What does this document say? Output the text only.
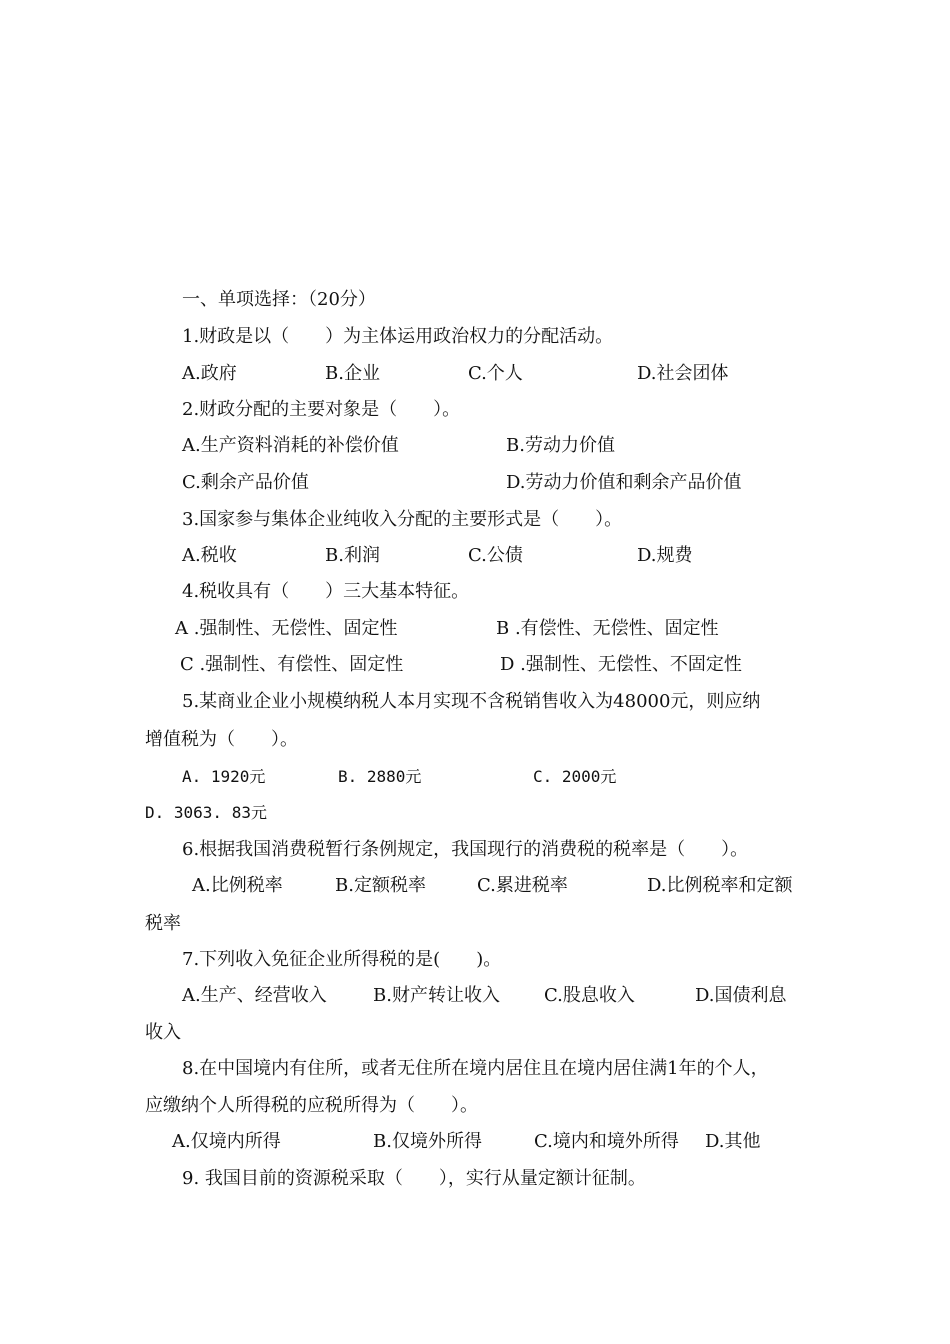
一、单项选择：（20分）
1.财政是以（　　）为主体运用政治权力的分配活动。
A.政府	B.企业	C.个人	D.社会团体
2.财政分配的主要对象是（　　）。
A.生产资料消耗的补偿价值	B.劳动力价值
C.剩余产品价值	D.劳动力价值和剩余产品价值
3.国家参与集体企业纯收入分配的主要形式是（　　）。
A.税收	B.利润	C.公债	D.规费
4.税收具有（　　）三大基本特征。
A .强制性、无偿性、固定性	B .有偿性、无偿性、固定性
C .强制性、有偿性、固定性	D .强制性、无偿性、不固定性
5.某商业企业小规模纳税人本月实现不含税销售收入为48000元，则应纳
增值税为（　　）。
A. 1920元	B. 2880元	C. 2000元
D. 3063. 83元
6.根据我国消费税暂行条例规定，我国现行的消费税的税率是（　　）。
A.比例税率	B.定额税率	C.累进税率	D.比例税率和定额
税率
7.下列收入免征企业所得税的是(　　)。
A.生产、经营收入	B.财产转让收入 C.股息收入	D.国债利息
收入
8.在中国境内有住所，或者无住所在境内居住且在境内居住满1年的个人，
应缴纳个人所得税的应税所得为（　　）。
A.仅境内所得	B.仅境外所得	C.境内和境外所得 D.其他
9. 我国目前的资源税采取（　　），实行从量定额计征制。
